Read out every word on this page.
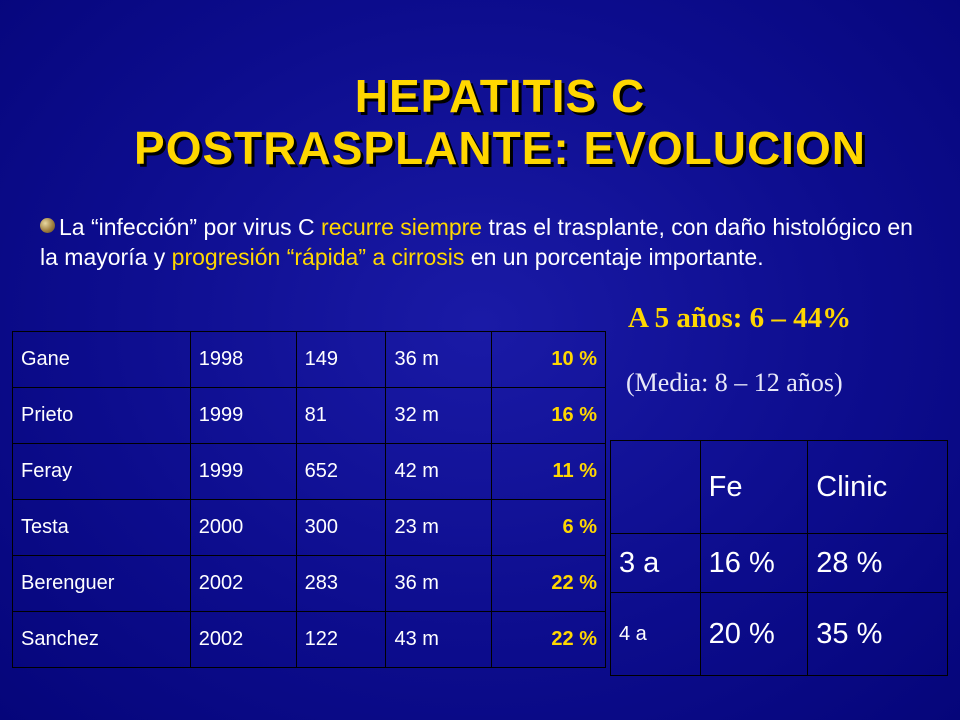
HEPATITIS C
POSTRASPLANTE: EVOLUCION
La “infección” por virus C recurre siempre tras el trasplante, con daño histológico en la mayoría y progresión “rápida” a cirrosis en un porcentaje importante.
A 5 años: 6 – 44%
(Media: 8 – 12 años)
Gane	1998	149	36 m	10 %
Prieto	1999	81	32 m	16 %
Feray	1999	652	42 m	11 %
Testa	2000	300	23 m	6 %
Berenguer	2002	283	36 m	22 %
Sanchez	2002	122	43 m	22 %
	Fe	Clinic
3 a	16 %	28 %
4 a	20 %	35 %
